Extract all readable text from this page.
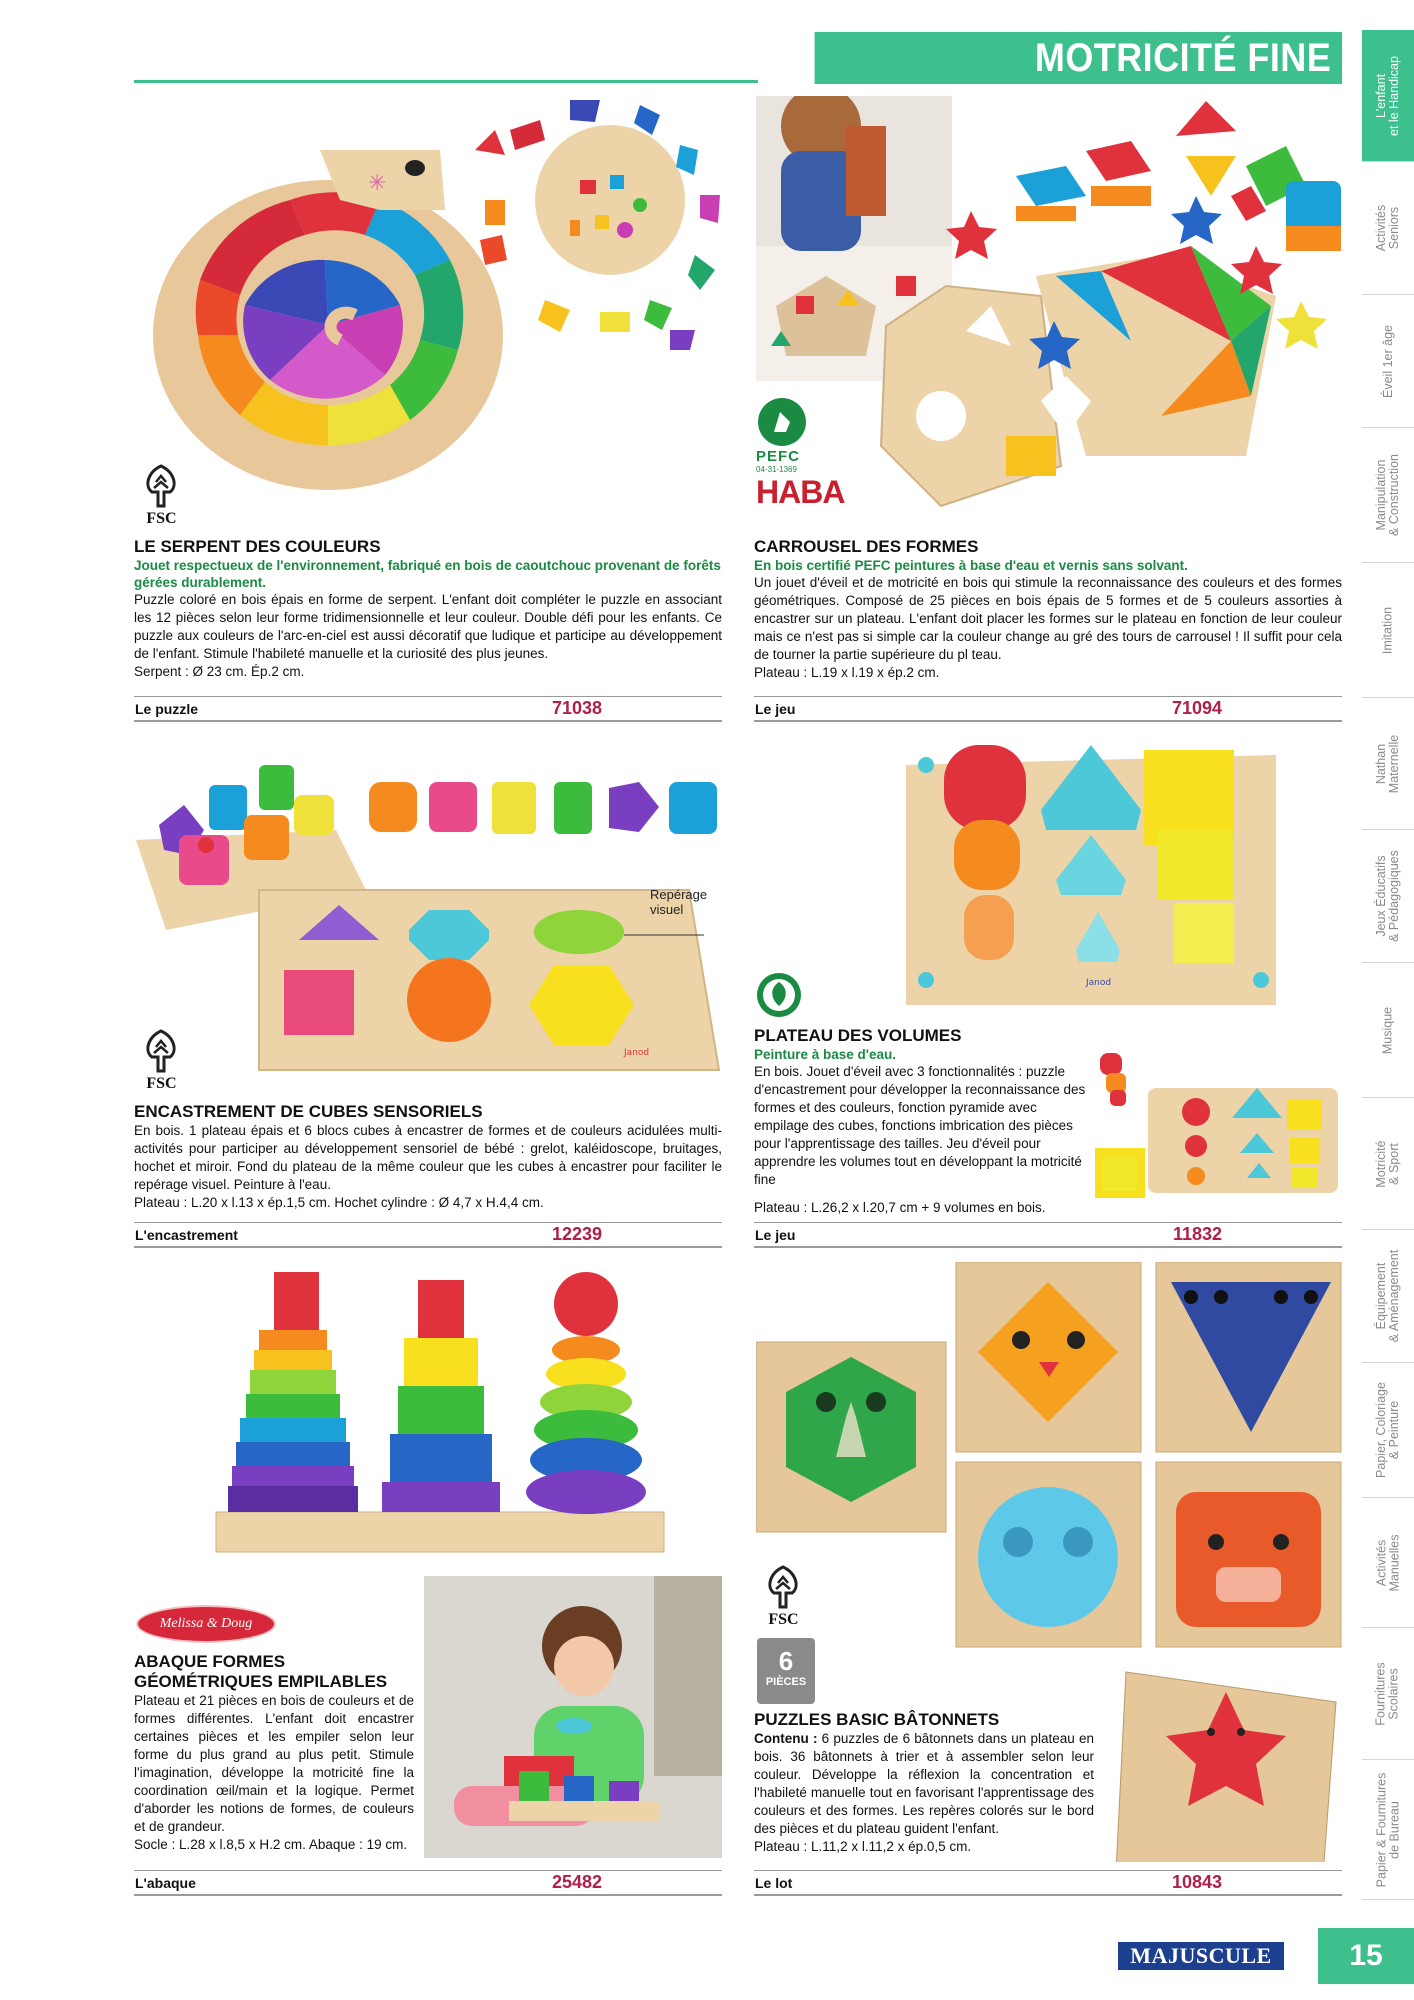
MOTRICITÉ FINE
L'enfant
et le Handicap
Activités
Seniors
Éveil 1er âge
Manipulation
& Construction
Imitation
Nathan
Maternelle
Jeux Éducatifs
& Pédagogiques
Musique
Motricité
& Sport
Équipement
& Aménagement
Papier, Coloriage
& Peinture
Activités
Manuelles
Fournitures
Scolaires
Papier & Fournitures
de Bureau
✳
FSC
LE SERPENT DES COULEURS
Jouet respectueux de l'environnement, fabriqué en bois de caoutchouc provenant de forêts gérées durablement.
Puzzle coloré en bois épais en forme de serpent. L'enfant doit compléter le puzzle en associant les 12 pièces selon leur forme tridimensionnelle et leur couleur. Double défi pour les enfants. Ce puzzle aux couleurs de l'arc-en-ciel est aussi décoratif que ludique et participe au développement de l'enfant. Stimule l'habileté manuelle et la curiosité des plus jeunes.
Serpent : Ø 23 cm. Ép.2 cm.
Le puzzle	71038
PEFC
04-31-1369
HABA
CARROUSEL DES FORMES
En bois certifié PEFC peintures à base d'eau et vernis sans solvant.
Un jouet d'éveil et de motricité en bois qui stimule la reconnaissance des couleurs et des formes géométriques. Composé de 25 pièces en bois épais de 5 formes et de 5 couleurs assorties à encastrer sur un plateau. L'enfant doit placer les formes sur le plateau en fonction de leur couleur mais ce n'est pas si simple car la couleur change au gré des tours de carrousel ! Il suffit pour cela de tourner la partie supérieure du pl teau.
Plateau : L.19 x l.19 x ép.2 cm.
Le jeu	71094
Janod
Repérage
visuel
FSC
ENCASTREMENT DE CUBES SENSORIELS
En bois. 1 plateau épais et 6 blocs cubes à encastrer de formes et de couleurs acidulées multi-activités pour participer au développement sensoriel de bébé : grelot, kaléidoscope, bruitages, hochet et miroir. Fond du plateau de la même couleur que les cubes à encastrer pour faciliter le repérage visuel. Peinture à l'eau.
Plateau : L.20 x l.13 x ép.1,5 cm. Hochet cylindre : Ø 4,7 x H.4,4 cm.
L'encastrement	12239
Janod
PLATEAU DES VOLUMES
Peinture à base d'eau.
En bois. Jouet d'éveil avec 3 fonctionnalités : puzzle d'encastrement pour développer la reconnaissance des formes et des couleurs, fonction pyramide avec empilage des cubes, fonctions imbrication des pièces pour l'apprentissage des tailles. Jeu d'éveil pour apprendre les volumes tout en développant la motricité fine
Plateau : L.26,2 x l.20,7 cm + 9 volumes en bois.
Le jeu	11832
Melissa & Doug
ABAQUE FORMES GÉOMÉTRIQUES EMPILABLES
Plateau et 21 pièces en bois de couleurs et de formes différentes. L'enfant doit encastrer certaines pièces et les empiler selon leur forme du plus grand au plus petit. Stimule l'imagination, développe la motricité fine la coordination œil/main et la logique. Permet d'aborder les notions de formes, de couleurs et de grandeur.
Socle : L.28 x l.8,5 x H.2 cm. Abaque : 19 cm.
L'abaque	25482
FSC
6
PIÈCES
PUZZLES BASIC BÂTONNETS
Contenu : 6 puzzles de 6 bâtonnets dans un plateau en bois. 36 bâtonnets à trier et à assembler selon leur couleur. Développe la réflexion la concentration et l'habileté manuelle tout en favorisant l'apprentissage des couleurs et des formes. Les repères colorés sur le bord des pièces et du plateau guident l'enfant.
Plateau : L.11,2 x l.11,2 x ép.0,5 cm.
Le lot	10843
MAJUSCULE	15
